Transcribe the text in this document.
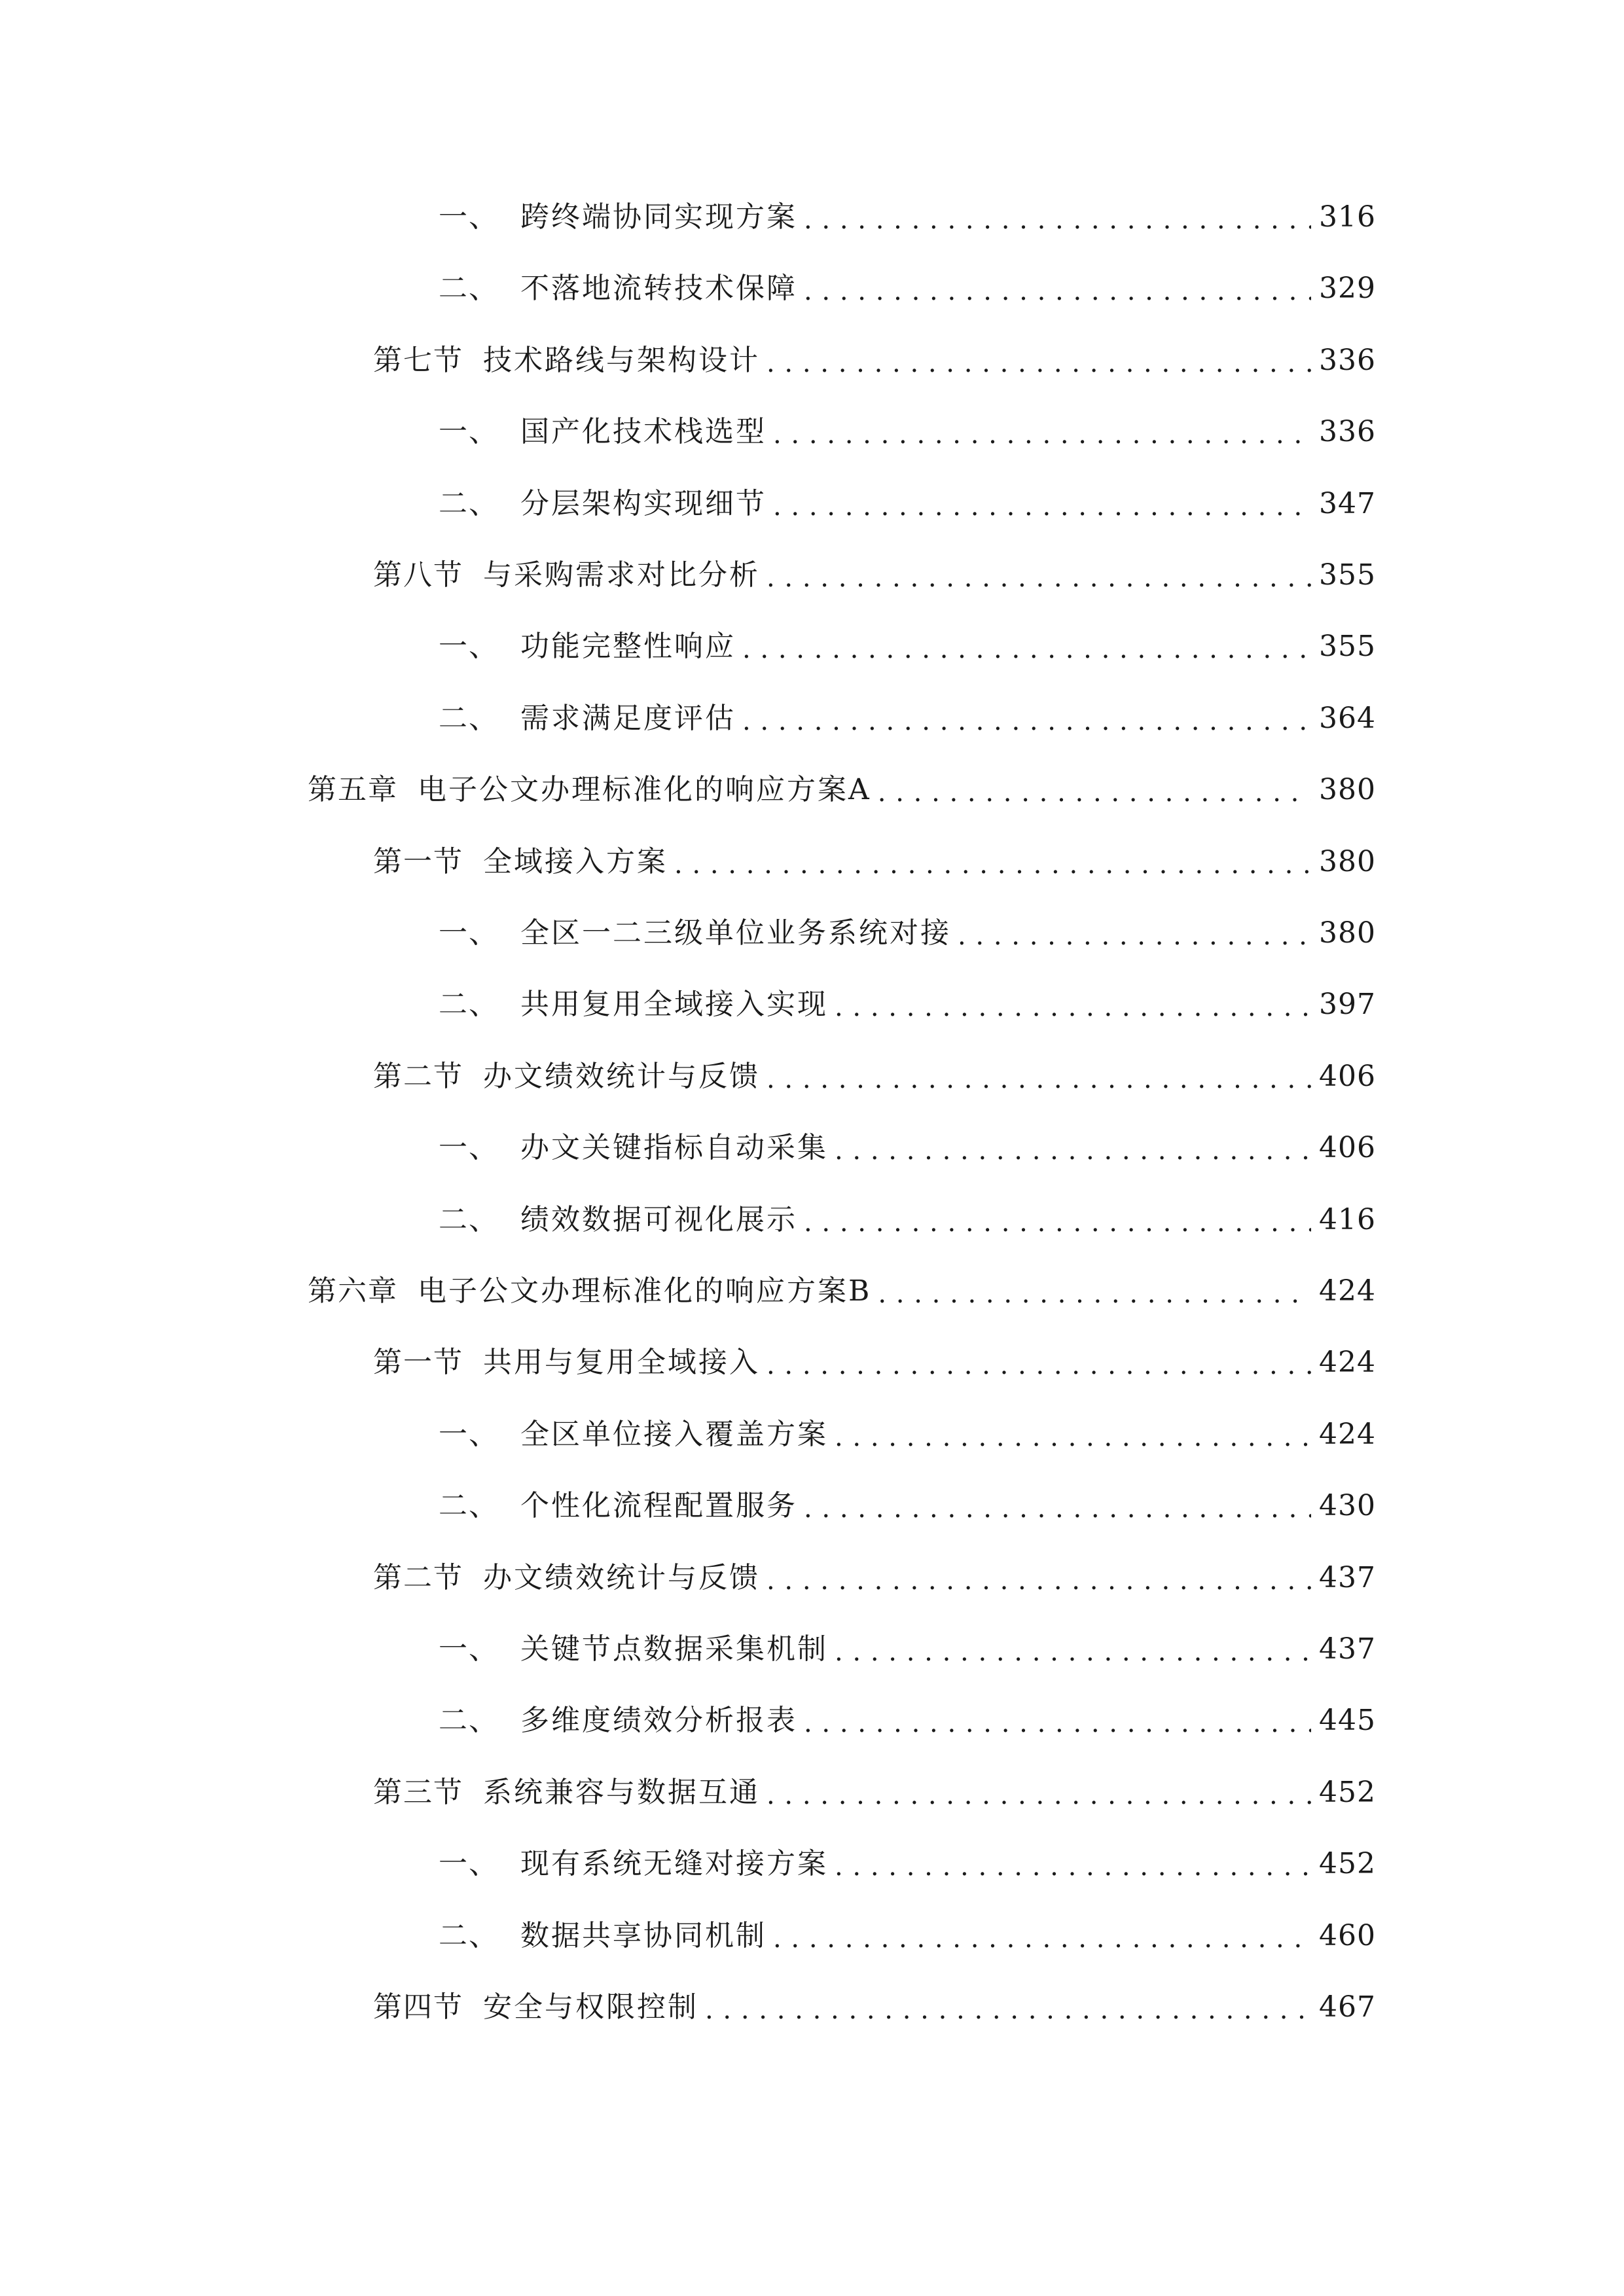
一、 跨终端协同实现方案 . . .	316
二、 不落地流转技术保障 . . .	329
第七节 技术路线与架构设计 . . .	336
一、 国产化技术栈选型 . . .	336
二、 分层架构实现细节 . . .	347
第八节 与采购需求对比分析 . . .	355
一、 功能完整性响应 . . .	355
二、 需求满足度评估 . . .	364
第五章 电子公文办理标准化的响应方案A . . .	380
第一节 全域接入方案 . . .	380
一、 全区一二三级单位业务系统对接 . . .	380
二、 共用复用全域接入实现 . . .	397
第二节 办文绩效统计与反馈 . . .	406
一、 办文关键指标自动采集 . . .	406
二、 绩效数据可视化展示 . . .	416
第六章 电子公文办理标准化的响应方案B . . .	424
第一节 共用与复用全域接入 . . .	424
一、 全区单位接入覆盖方案 . . .	424
二、 个性化流程配置服务 . . .	430
第二节 办文绩效统计与反馈 . . .	437
一、 关键节点数据采集机制 . . .	437
二、 多维度绩效分析报表 . . .	445
第三节 系统兼容与数据互通 . . .	452
一、 现有系统无缝对接方案 . . .	452
二、 数据共享协同机制 . . .	460
第四节 安全与权限控制 . . .	467
